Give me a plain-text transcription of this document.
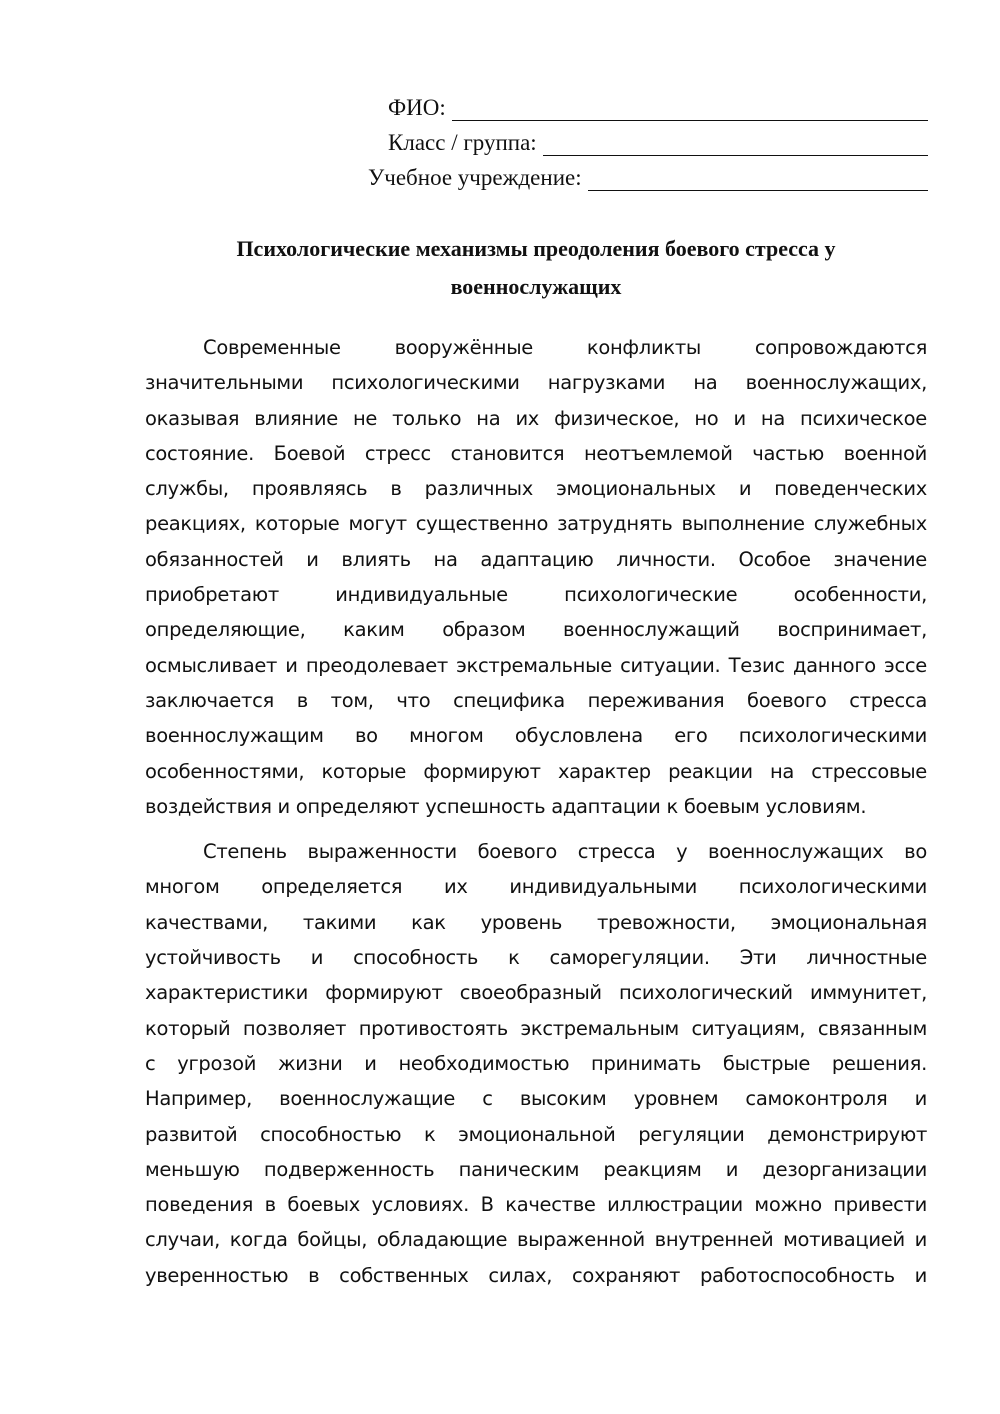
ФИО:
Класс / группа:
Учебное учреждение:
Психологические механизмы преодоления боевого стресса у
военнослужащих

Современные вооружённые конфликты сопровождаются
значительными психологическими нагрузками на военнослужащих,
оказывая влияние не только на их физическое, но и на психическое
состояние. Боевой стресс становится неотъемлемой частью военной
службы, проявляясь в различных эмоциональных и поведенческих
реакциях, которые могут существенно затруднять выполнение служебных
обязанностей и влиять на адаптацию личности. Особое значение
приобретают индивидуальные психологические особенности,
определяющие, каким образом военнослужащий воспринимает,
осмысливает и преодолевает экстремальные ситуации. Тезис данного эссе
заключается в том, что специфика переживания боевого стресса
военнослужащим во многом обусловлена его психологическими
особенностями, которые формируют характер реакции на стрессовые
воздействия и определяют успешность адаптации к боевым условиям.

Степень выраженности боевого стресса у военнослужащих во
многом определяется их индивидуальными психологическими
качествами, такими как уровень тревожности, эмоциональная
устойчивость и способность к саморегуляции. Эти личностные
характеристики формируют своеобразный психологический иммунитет,
который позволяет противостоять экстремальным ситуациям, связанным
с угрозой жизни и необходимостью принимать быстрые решения.
Например, военнослужащие с высоким уровнем самоконтроля и
развитой способностью к эмоциональной регуляции демонстрируют
меньшую подверженность паническим реакциям и дезорганизации
поведения в боевых условиях. В качестве иллюстрации можно привести
случаи, когда бойцы, обладающие выраженной внутренней мотивацией и
уверенностью в собственных силах, сохраняют работоспособность и
